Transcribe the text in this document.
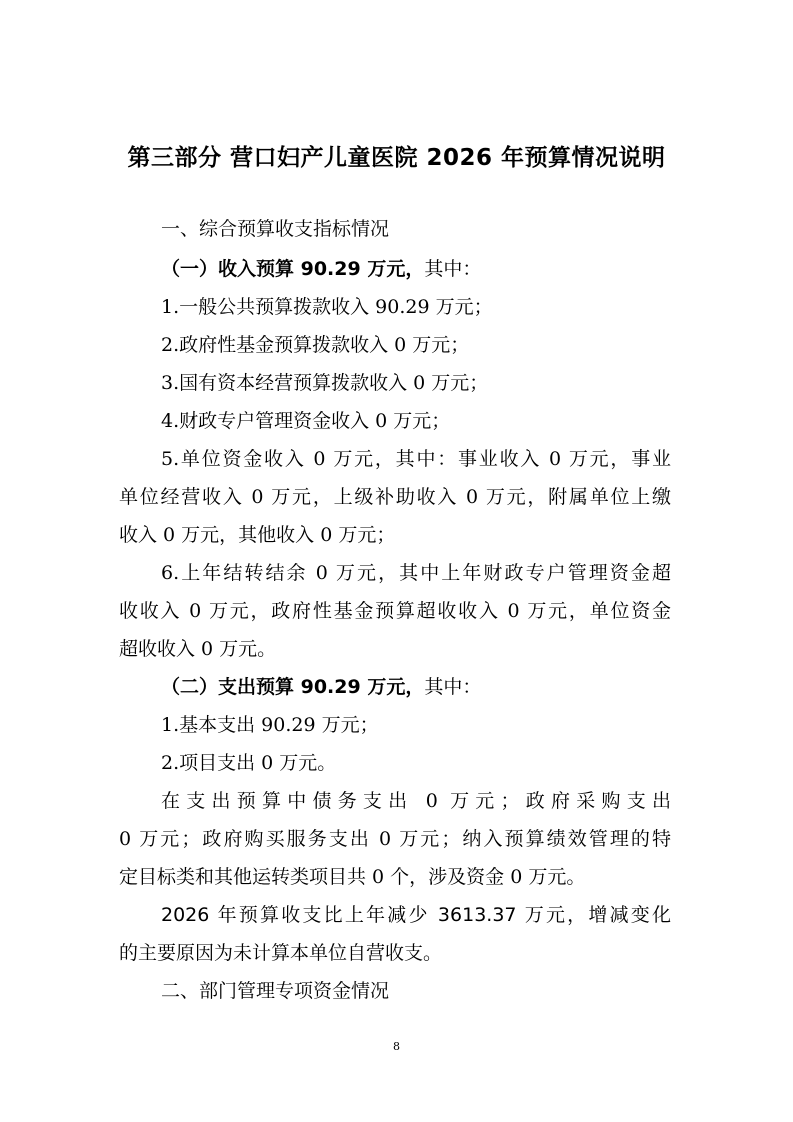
第三部分 营口妇产儿童医院 2026 年预算情况说明
一、综合预算收支指标情况
（一）收入预算 90.29 万元，其中：
1.一般公共预算拨款收入 90.29 万元；
2.政府性基金预算拨款收入 0 万元；
3.国有资本经营预算拨款收入 0 万元；
4.财政专户管理资金收入 0 万元；
5.单位资金收入 0 万元，其中：事业收入 0 万元，事业
单位经营收入 0 万元，上级补助收入 0 万元，附属单位上缴
收入 0 万元，其他收入 0 万元；
6.上年结转结余 0 万元，其中上年财政专户管理资金超
收收入 0 万元，政府性基金预算超收收入 0 万元，单位资金
超收收入 0 万元。
（二）支出预算 90.29 万元，其中：
1.基本支出 90.29 万元；
2.项目支出 0 万元。
在支出预算中债务支出 0 万元；政府采购支出
0 万元；政府购买服务支出 0 万元；纳入预算绩效管理的特
定目标类和其他运转类项目共 0 个，涉及资金 0 万元。
2026 年预算收支比上年减少 3613.37 万元，增减变化
的主要原因为未计算本单位自营收支。
二、部门管理专项资金情况
8
